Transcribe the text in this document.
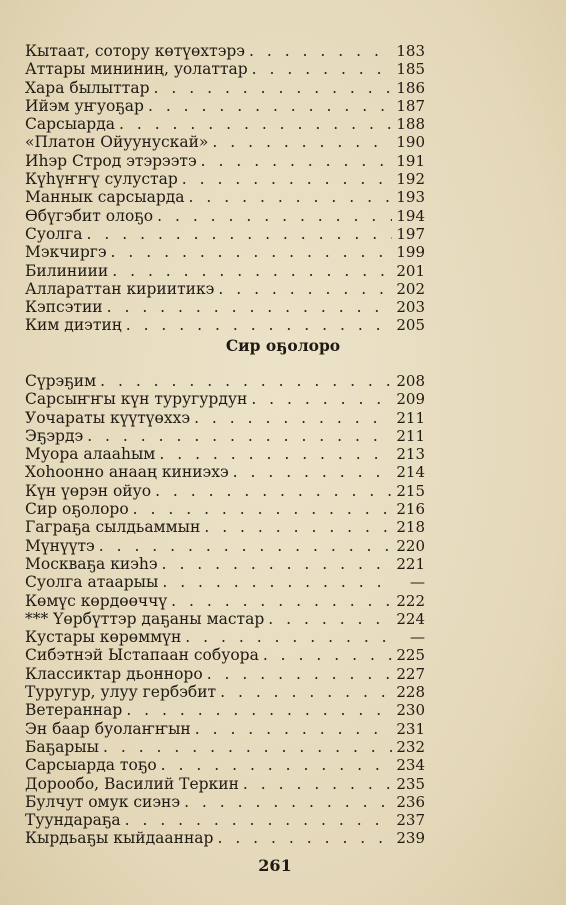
Кытаат, сотору көтүөхтэрэ . . .	183
Аттары мининиң, уолаттар . . .	185
Хара былыттар . . .	186
Ийэм уҥуоҕар . . .	187
Сарсыарда . . .	188
«Платон Ойуунускай» . . .	190
Иһэр Строд этэрээтэ . . .	191
Күһүҥҥү сулустар . . .	192
Маннык сарсыарда . . .	193
Өбүгэбит олоҕо . . .	194
Суолга . . .	197
Мэкчиргэ . . .	199
Билиниии . . .	201
Аллараттан кириитикэ . . .	202
Кэпсэтии . . .	203
Ким диэтиң . . .	205
Сир оҕолоро
Сүрэҕим . . .	208
Сарсыҥҥы күн туругурдун . . .	209
Уочараты күүтүөххэ . . .	211
Эҕэрдэ . . .	211
Муора алааһым . . .	213
Хоһоонно анааң киниэхэ . . .	214
Күн үөрэн ойуо . . .	215
Сир оҕолоро . . .	216
Гаграҕа сылдьаммын . . .	218
Мүнүүтэ . . .	220
Москваҕа киэһэ . . .	221
Суолга атаарыы . . .	—
Көмүс көрдөөччү . . .	222
*** Үөрбүттэр даҕаны мастар . . .	224
Кустары көрөммүн . . .	—
Сибэтнэй Ыстапаан собуора . . .	225
Классиктар дьонноро . . .	227
Туругур, улуу гербэбит . . .	228
Ветераннар . . .	230
Эн баар буолаҥҥын . . .	231
Баҕарыы . . .	232
Сарсыарда тоҕо . . .	234
Дорообо, Василий Теркин . . .	235
Булчут омук сиэнэ . . .	236
Туундараҕа . . .	237
Кырдьаҕы кыйдааннар . . .	239
261
